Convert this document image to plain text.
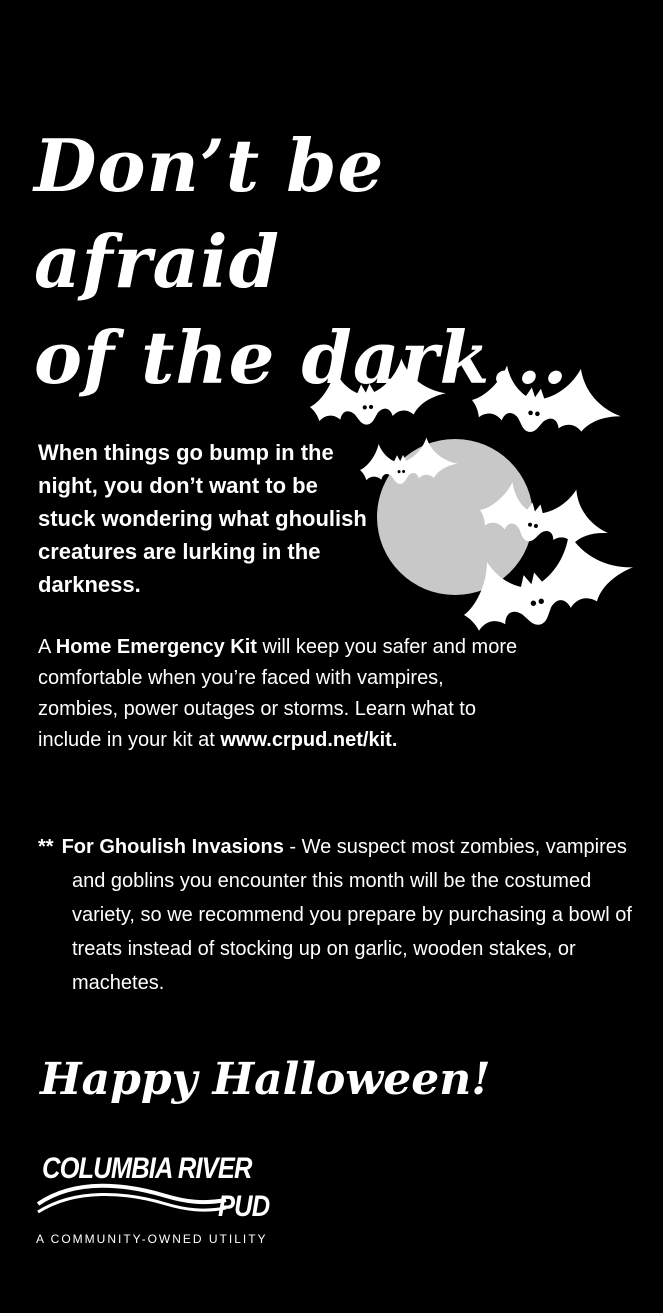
Don’t be afraid
of the dark...

When things go bump in the night, you don’t want to be stuck wondering what ghoulish creatures are lurking in the darkness.

A Home Emergency Kit will keep you safer and more comfortable when you’re faced with vampires, zombies, power outages or storms. Learn what to include in your kit at www.crpud.net/kit.

** For Ghoulish Invasions - We suspect most zombies, vampires and goblins you encounter this month will be the costumed variety, so we recommend you prepare by purchasing a bowl of treats instead of stocking up on garlic, wooden stakes, or machetes.

Happy Halloween!

COLUMBIA RIVER
PUD
A COMMUNITY-OWNED UTILITY
